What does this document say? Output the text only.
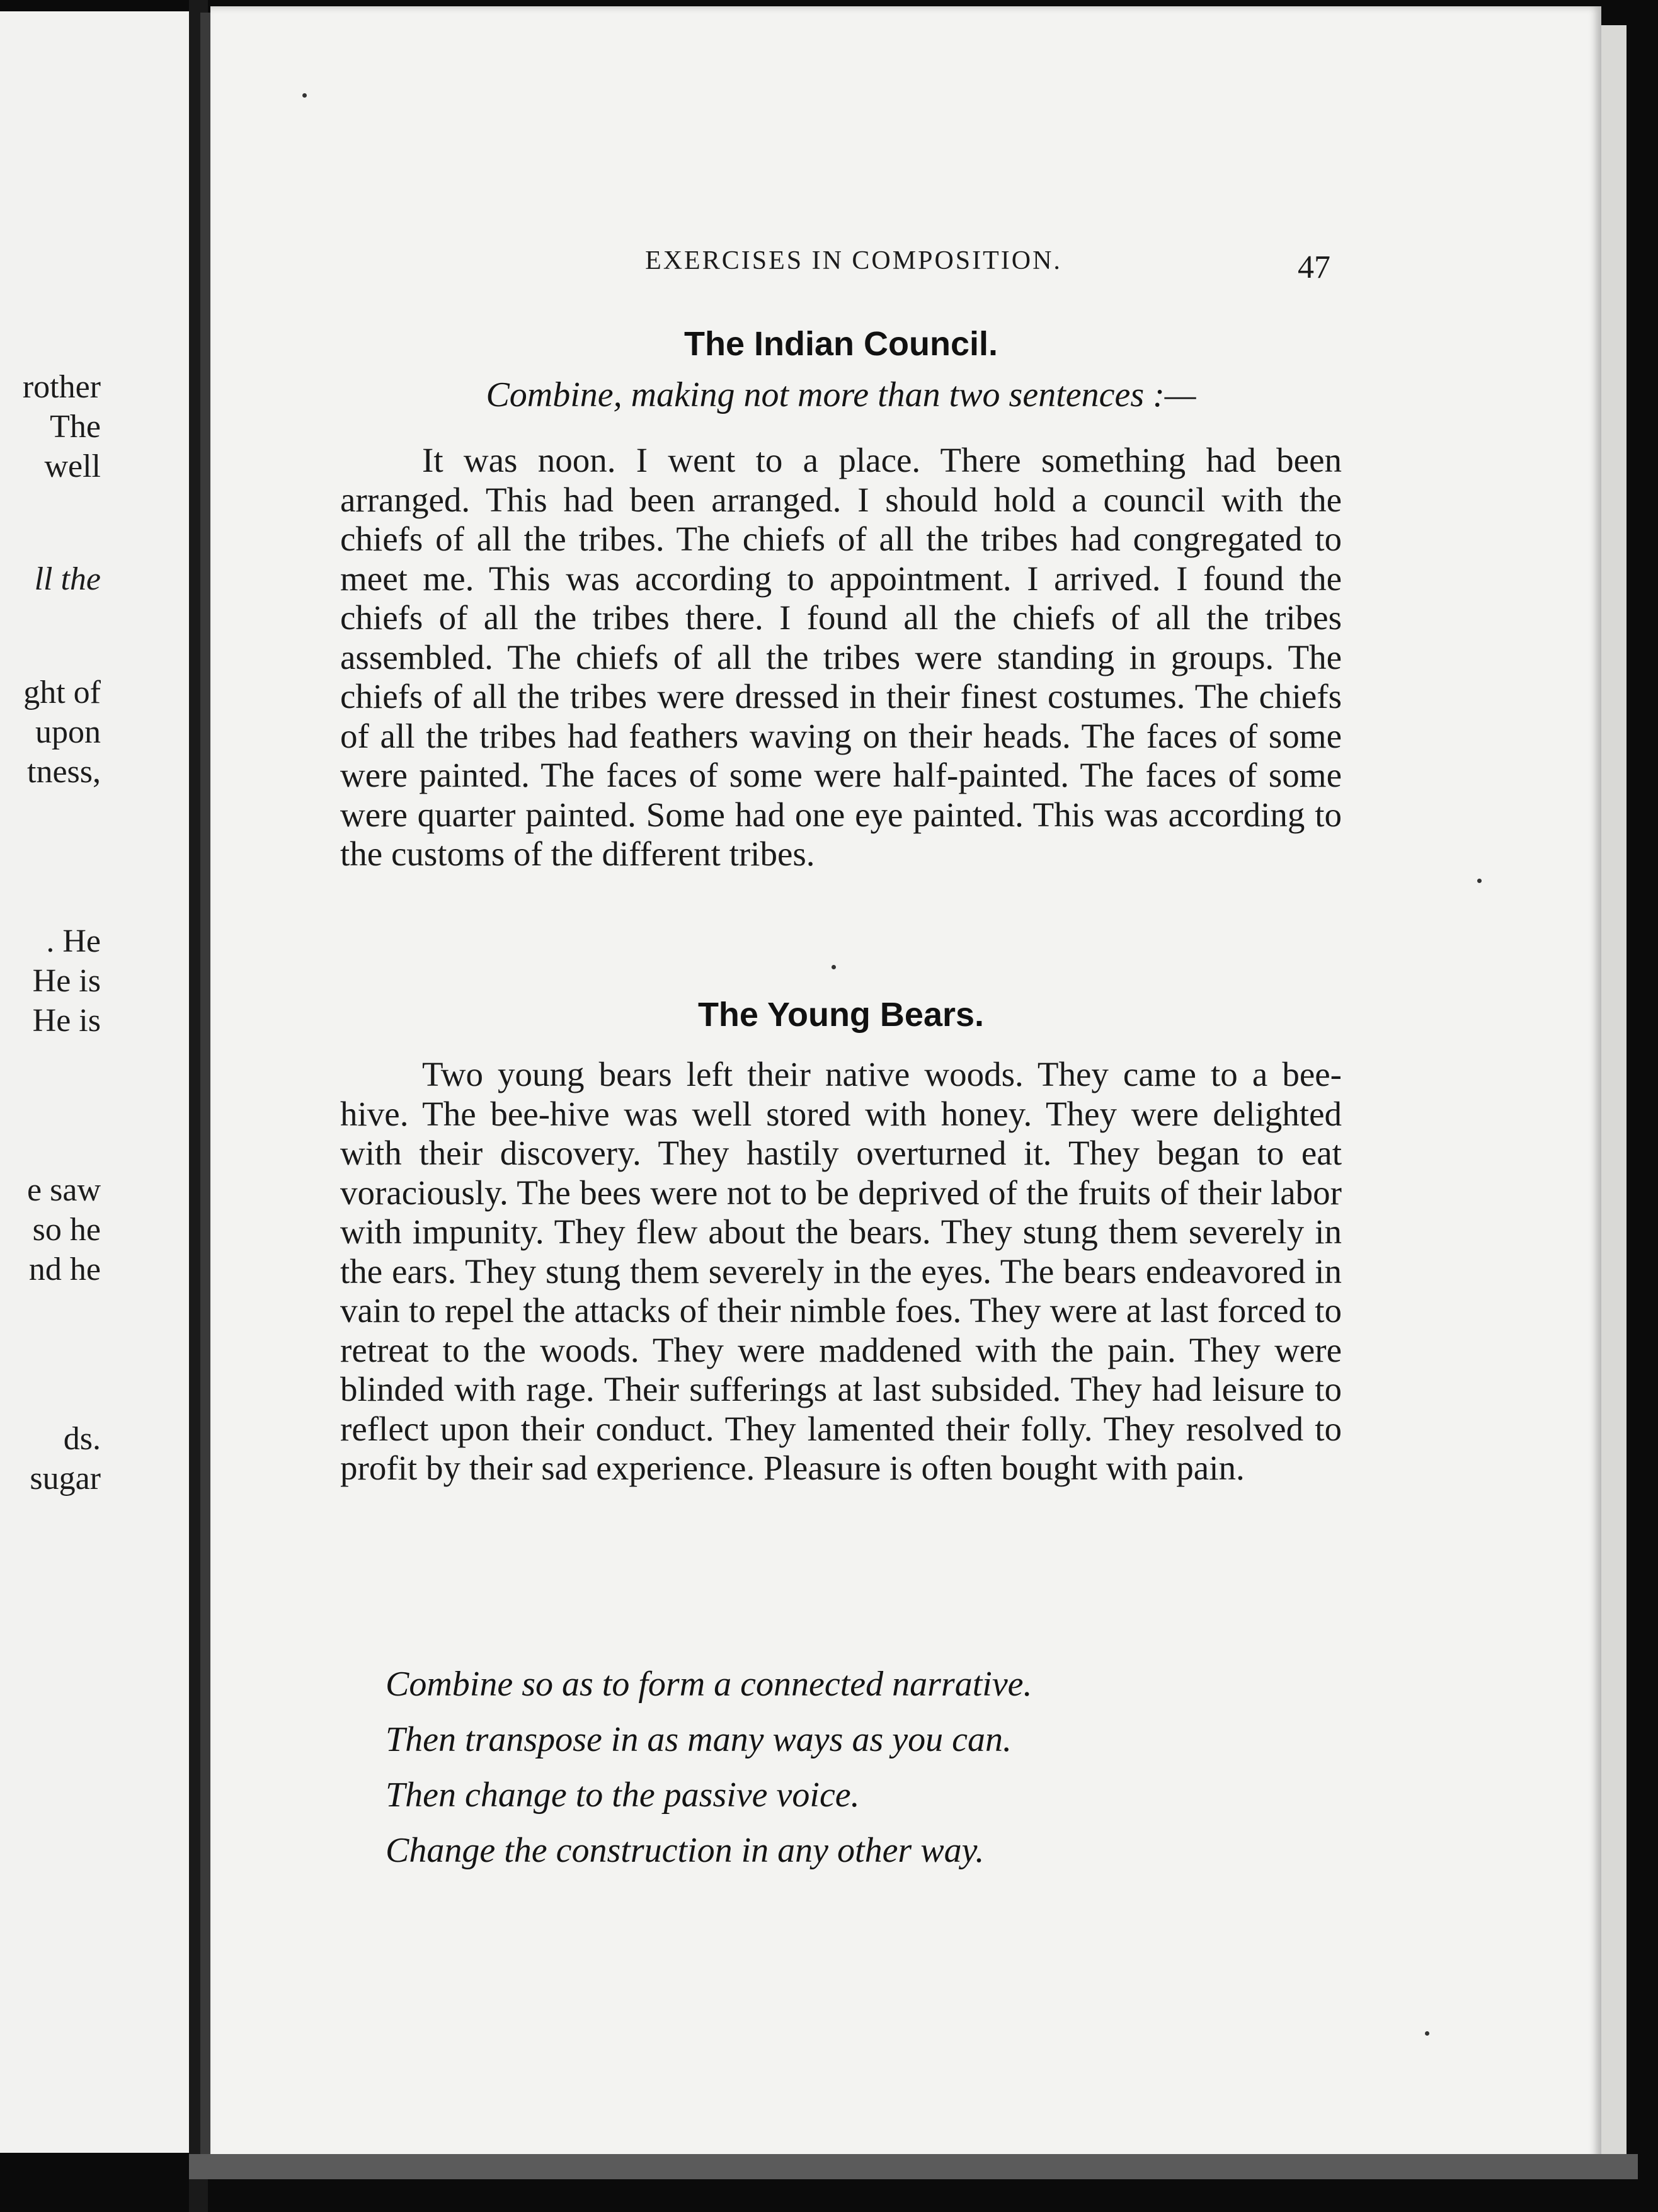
rother
The
well
ll the
ght of
upon
tness,
. He
He is
He is
e saw
so he
nd he
ds.
sugar
EXERCISES IN COMPOSITION.	47
The Indian Council.
Combine, making not more than two sentences :—

It was noon. I went to a place. There something had been arranged. This had been arranged. I should hold a council with the chiefs of all the tribes. The chiefs of all the tribes had congregated to meet me. This was according to appointment. I arrived. I found the chiefs of all the tribes there. I found all the chiefs of all the tribes assembled. The chiefs of all the tribes were standing in groups. The chiefs of all the tribes were dressed in their finest costumes. The chiefs of all the tribes had feathers waving on their heads. The faces of some were painted. The faces of some were half-painted. The faces of some were quarter painted. Some had one eye painted. This was according to the customs of the different tribes.

The Young Bears.

Two young bears left their native woods. They came to a bee-hive. The bee-hive was well stored with honey. They were delighted with their discovery. They hastily overturned it. They began to eat voraciously. The bees were not to be deprived of the fruits of their labor with impunity. They flew about the bears. They stung them severely in the ears. They stung them severely in the eyes. The bears endeavored in vain to repel the attacks of their nimble foes. They were at last forced to retreat to the woods. They were maddened with the pain. They were blinded with rage. Their sufferings at last subsided. They had leisure to reflect upon their conduct. They lamented their folly. They resolved to profit by their sad experience. Pleasure is often bought with pain.

Combine so as to form a connected narrative.
Then transpose in as many ways as you can.
Then change to the passive voice.
Change the construction in any other way.
